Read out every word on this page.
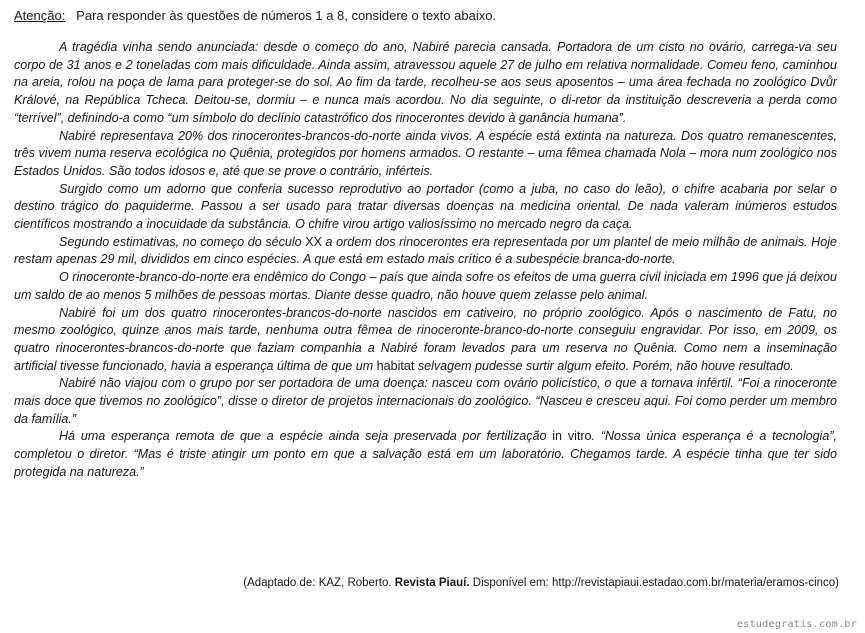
Atenção: Para responder às questões de números 1 a 8, considere o texto abaixo.

A tragédia vinha sendo anunciada: desde o começo do ano, Nabiré parecia cansada. Portadora de um cisto no ovário, carrega-va seu corpo de 31 anos e 2 toneladas com mais dificuldade. Ainda assim, atravessou aquele 27 de julho em relativa normalidade. Comeu feno, caminhou na areia, rolou na poça de lama para proteger-se do sol. Ao fim da tarde, recolheu-se aos seus aposentos – uma área fechada no zoológico Dvůr Králové, na República Tcheca. Deitou-se, dormiu – e nunca mais acordou. No dia seguinte, o di-retor da instituição descreveria a perda como “terrível”, definindo-a como “um símbolo do declínio catastrófico dos rinocerontes devido à ganância humana”.

Nabiré representava 20% dos rinocerontes-brancos-do-norte ainda vivos. A espécie está extinta na natureza. Dos quatro remanescentes, três vivem numa reserva ecológica no Quênia, protegidos por homens armados. O restante – uma fêmea chamada Nola – mora num zoológico nos Estados Unidos. São todos idosos e, até que se prove o contrário, inférteis.

Surgido como um adorno que conferia sucesso reprodutivo ao portador (como a juba, no caso do leão), o chifre acabaria por selar o destino trágico do paquiderme. Passou a ser usado para tratar diversas doenças na medicina oriental. De nada valeram inúmeros estudos científicos mostrando a inocuidade da substância. O chifre virou artigo valiosíssimo no mercado negro da caça.

Segundo estimativas, no começo do século XX a ordem dos rinocerontes era representada por um plantel de meio milhão de animais. Hoje restam apenas 29 mil, divididos em cinco espécies. A que está em estado mais crítico é a subespécie branca-do-norte.

O rinoceronte-branco-do-norte era endêmico do Congo – país que ainda sofre os efeitos de uma guerra civil iniciada em 1996 que já deixou um saldo de ao menos 5 milhões de pessoas mortas. Diante desse quadro, não houve quem zelasse pelo animal.

Nabiré foi um dos quatro rinocerontes-brancos-do-norte nascidos em cativeiro, no próprio zoológico. Após o nascimento de Fatu, no mesmo zoológico, quinze anos mais tarde, nenhuma outra fêmea de rinoceronte-branco-do-norte conseguiu engravidar. Por isso, em 2009, os quatro rinocerontes-brancos-do-norte que faziam companhia a Nabiré foram levados para um reserva no Quênia. Como nem a inseminação artificial tivesse funcionado, havia a esperança última de que um habitat selvagem pudesse surtir algum efeito. Porém, não houve resultado.

Nabiré não viajou com o grupo por ser portadora de uma doença: nasceu com ovário policístico, o que a tornava infértil. “Foi a rinoceronte mais doce que tivemos no zoológico”, disse o diretor de projetos internacionais do zoológico. “Nasceu e cresceu aqui. Foi como perder um membro da família.”

Há uma esperança remota de que a espécie ainda seja preservada por fertilização in vitro. “Nossa única esperança é a tecnologia”, completou o diretor. “Mas é triste atingir um ponto em que a salvação está em um laboratório. Chegamos tarde. A espécie tinha que ter sido protegida na natureza.”

(Adaptado de: KAZ, Roberto. Revista Piauí. Disponível em: http://revistapiaui.estadao.com.br/materia/eramos-cinco)
estudegratis.com.br
